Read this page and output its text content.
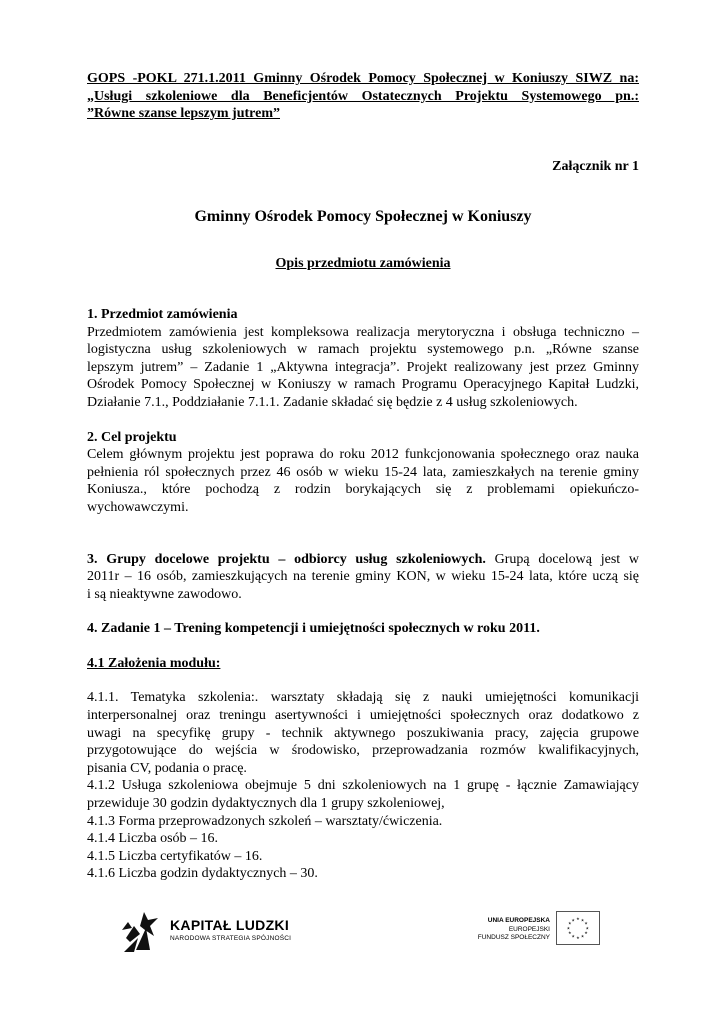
GOPS -POKL 271.1.2011 Gminny Ośrodek Pomocy Społecznej w Koniuszy SIWZ na:

„Usługi szkoleniowe dla Beneficjentów Ostatecznych Projektu Systemowego pn.:

”Równe szanse lepszym jutrem”

Załącznik nr 1

Gminny Ośrodek Pomocy Społecznej w Koniuszy

Opis przedmiotu zamówienia

1. Przedmiot zamówienia

Przedmiotem zamówienia jest kompleksowa realizacja merytoryczna i obsługa techniczno –

logistyczna usług szkoleniowych w ramach projektu systemowego p.n. „Równe szanse

lepszym jutrem” – Zadanie 1 „Aktywna integracja”. Projekt realizowany jest przez Gminny

Ośrodek Pomocy Społecznej w Koniuszy w ramach Programu Operacyjnego Kapitał Ludzki,

Działanie 7.1., Poddziałanie 7.1.1. Zadanie składać się będzie z 4 usług szkoleniowych.

2. Cel projektu

Celem głównym projektu jest poprawa do roku 2012 funkcjonowania społecznego oraz nauka

pełnienia ról społecznych przez 46 osób w wieku 15-24 lata, zamieszkałych na terenie gminy

Koniusza., które pochodzą z rodzin borykających się z problemami opiekuńczo-

wychowawczymi.

3. Grupy docelowe projektu – odbiorcy usług szkoleniowych. Grupą docelową jest w

2011r – 16 osób, zamieszkujących na terenie gminy KON, w wieku 15-24 lata, które uczą się

i są nieaktywne zawodowo.

4. Zadanie 1 – Trening kompetencji i umiejętności społecznych w roku 2011.

4.1 Założenia modułu:

4.1.1. Tematyka szkolenia:. warsztaty składają się z nauki umiejętności komunikacji

interpersonalnej oraz treningu asertywności i umiejętności społecznych oraz dodatkowo z

uwagi na specyfikę grupy - technik aktywnego poszukiwania pracy, zajęcia grupowe

przygotowujące do wejścia w środowisko, przeprowadzania rozmów kwalifikacyjnych,

pisania CV, podania o pracę.

4.1.2 Usługa szkoleniowa obejmuje 5 dni szkoleniowych na 1 grupę - łącznie Zamawiający

przewiduje 30 godzin dydaktycznych dla 1 grupy szkoleniowej,

4.1.3 Forma przeprowadzonych szkoleń – warsztaty/ćwiczenia.

4.1.4 Liczba osób – 16.

4.1.5 Liczba certyfikatów – 16.

4.1.6 Liczba godzin dydaktycznych – 30.

KAPITAŁ LUDZKI
NARODOWA STRATEGIA SPÓJNOŚCI
UNIA EUROPEJSKA
EUROPEJSKI
FUNDUSZ SPOŁECZNY
★
★
★
★
★
★
★
★
★ ★ ★
★
